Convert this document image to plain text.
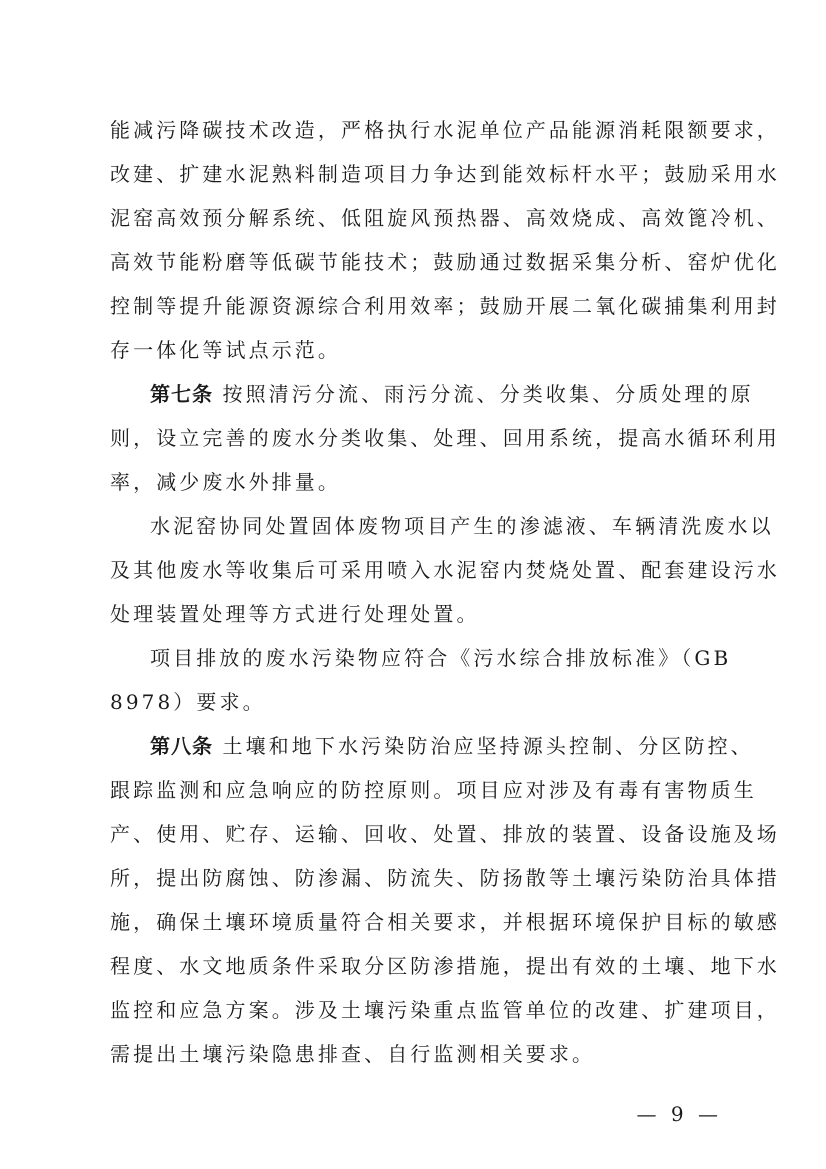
能减污降碳技术改造，严格执行水泥单位产品能源消耗限额要求，
改建、扩建水泥熟料制造项目力争达到能效标杆水平；鼓励采用水
泥窑高效预分解系统、低阻旋风预热器、高效烧成、高效篦冷机、
高效节能粉磨等低碳节能技术；鼓励通过数据采集分析、窑炉优化
控制等提升能源资源综合利用效率；鼓励开展二氧化碳捕集利用封
存一体化等试点示范。
第七条 按照清污分流、雨污分流、分类收集、分质处理的原
则，设立完善的废水分类收集、处理、回用系统，提高水循环利用
率，减少废水外排量。
水泥窑协同处置固体废物项目产生的渗滤液、车辆清洗废水以
及其他废水等收集后可采用喷入水泥窑内焚烧处置、配套建设污水
处理装置处理等方式进行处理处置。
项目排放的废水污染物应符合《污水综合排放标准》（GB
8978）要求。
第八条 土壤和地下水污染防治应坚持源头控制、分区防控、
跟踪监测和应急响应的防控原则。项目应对涉及有毒有害物质生
产、使用、贮存、运输、回收、处置、排放的装置、设备设施及场
所，提出防腐蚀、防渗漏、防流失、防扬散等土壤污染防治具体措
施，确保土壤环境质量符合相关要求，并根据环境保护目标的敏感
程度、水文地质条件采取分区防渗措施，提出有效的土壤、地下水
监控和应急方案。涉及土壤污染重点监管单位的改建、扩建项目，
需提出土壤污染隐患排查、自行监测相关要求。
— 9 —
